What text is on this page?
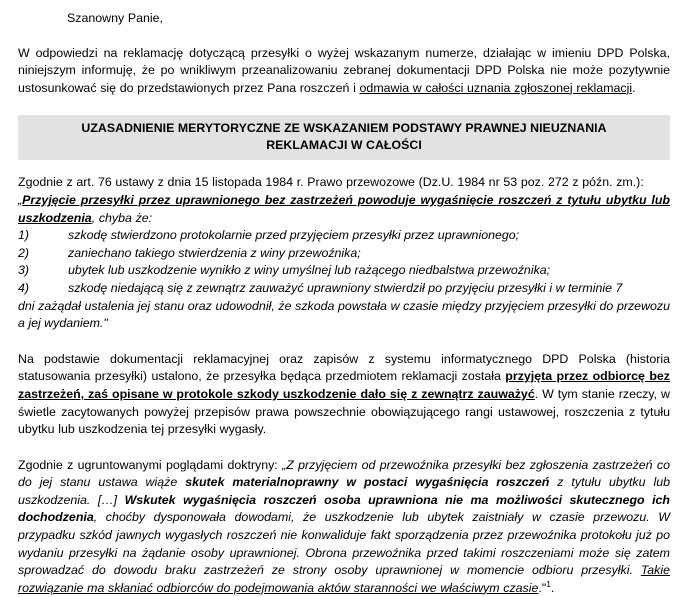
Szanowny Panie,

W odpowiedzi na reklamację dotyczącą przesyłki o wyżej wskazanym numerze, działając w imieniu DPD Polska, niniejszym informuję, że po wnikliwym przeanalizowaniu zebranej dokumentacji DPD Polska nie może pozytywnie ustosunkować się do przedstawionych przez Pana roszczeń i odmawia w całości uznania zgłoszonej reklamacji.

UZASADNIENIE MERYTORYCZNE ZE WSKAZANIEM PODSTAWY PRAWNEJ NIEUZNANIA

REKLAMACJI W CAŁOŚCI

Zgodnie z art. 76 ustawy z dnia 15 listopada 1984 r. Prawo przewozowe (Dz.U. 1984 nr 53 poz. 272 z późn. zm.):

„Przyjęcie przesyłki przez uprawnionego bez zastrzeżeń powoduje wygaśnięcie roszczeń z tytułu ubytku lub uszkodzenia, chyba że:

1)	szkodę stwierdzono protokolarnie przed przyjęciem przesyłki przez uprawnionego;
2)	zaniechano takiego stwierdzenia z winy przewoźnika;
3)	ubytek lub uszkodzenie wynikło z winy umyślnej lub rażącego niedbalstwa przewoźnika;
4)	szkodę niedającą się z zewnątrz zauważyć uprawniony stwierdził po przyjęciu przesyłki i w terminie 7
dni zażądał ustalenia jej stanu oraz udowodnił, że szkoda powstała w czasie między przyjęciem przesyłki do przewozu a jej wydaniem."

Na podstawie dokumentacji reklamacyjnej oraz zapisów z systemu informatycznego DPD Polska (historia statusowania przesyłki) ustalono, że przesyłka będąca przedmiotem reklamacji została przyjęta przez odbiorcę bez zastrzeżeń, zaś opisane w protokole szkody uszkodzenie dało się z zewnątrz zauważyć. W tym stanie rzeczy, w świetle zacytowanych powyżej przepisów prawa powszechnie obowiązującego rangi ustawowej, roszczenia z tytułu ubytku lub uszkodzenia tej przesyłki wygasły.

Zgodnie z ugruntowanymi poglądami doktryny: „Z przyjęciem od przewoźnika przesyłki bez zgłoszenia zastrzeżeń co do jej stanu ustawa wiąże skutek materialnoprawny w postaci wygaśnięcia roszczeń z tytułu ubytku lub uszkodzenia. […] Wskutek wygaśnięcia roszczeń osoba uprawniona nie ma możliwości skutecznego ich dochodzenia, choćby dysponowała dowodami, że uszkodzenie lub ubytek zaistniały w czasie przewozu. W przypadku szkód jawnych wygasłych roszczeń nie konwaliduje fakt sporządzenia przez przewoźnika protokołu już po wydaniu przesyłki na żądanie osoby uprawnionej. Obrona przewoźnika przed takimi roszczeniami może się zatem sprowadzać do dowodu braku zastrzeżeń ze strony osoby uprawnionej w momencie odbioru przesyłki. Takie rozwiązanie ma skłaniać odbiorców do podejmowania aktów staranności we właściwym czasie."$^1$.
